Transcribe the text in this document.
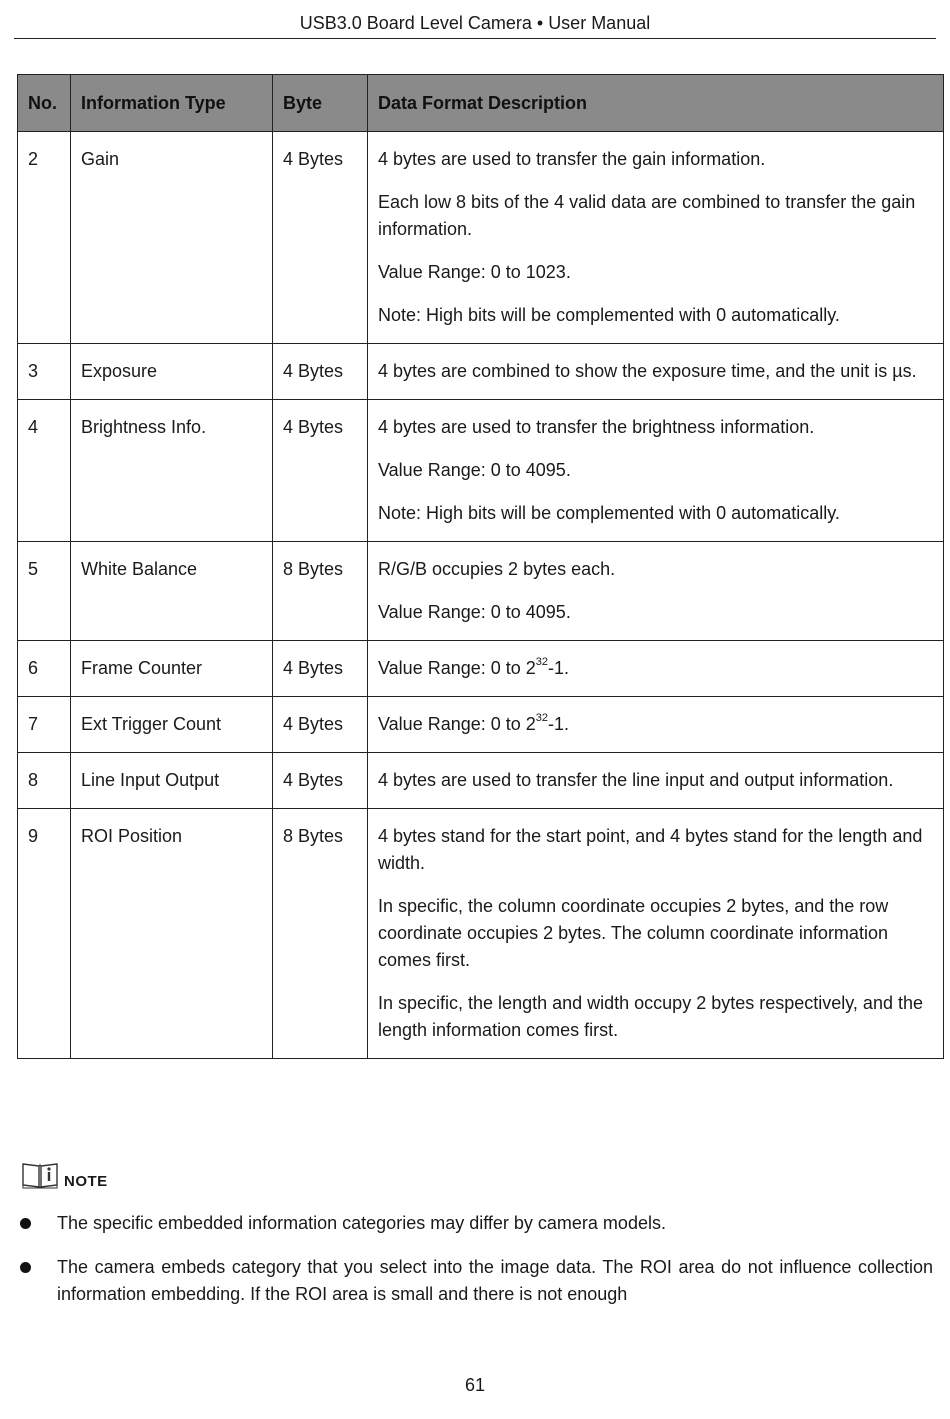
USB3.0 Board Level Camera • User Manual
No.	Information Type	Byte	Data Format Description
2	Gain	4 Bytes	4 bytes are used to transfer the gain information.

Each low 8 bits of the 4 valid data are combined to transfer the gain information.

Value Range: 0 to 1023.

Note: High bits will be complemented with 0 automatically.

3	Exposure	4 Bytes	4 bytes are combined to show the exposure time, and the unit is µs.

4	Brightness Info.	4 Bytes	4 bytes are used to transfer the brightness information.

Value Range: 0 to 4095.

Note: High bits will be complemented with 0 automatically.

5	White Balance	8 Bytes	R/G/B occupies 2 bytes each.

Value Range: 0 to 4095.

6	Frame Counter	4 Bytes	Value Range: 0 to $2^{32}-1$.

7	Ext Trigger Count	4 Bytes	Value Range: 0 to $2^{32}-1$.

8	Line Input Output	4 Bytes	4 bytes are used to transfer the line input and output information.

9	ROI Position	8 Bytes	4 bytes stand for the start point, and 4 bytes stand for the length and width.

In specific, the column coordinate occupies 2 bytes, and the row coordinate occupies 2 bytes. The column coordinate information comes first.

In specific, the length and width occupy 2 bytes respectively, and the length information comes first.

NOTE
The specific embedded information categories may differ by camera models.
The camera embeds category that you select into the image data. The ROI area do not influence collection information embedding. If the ROI area is small and there is not enough
61
